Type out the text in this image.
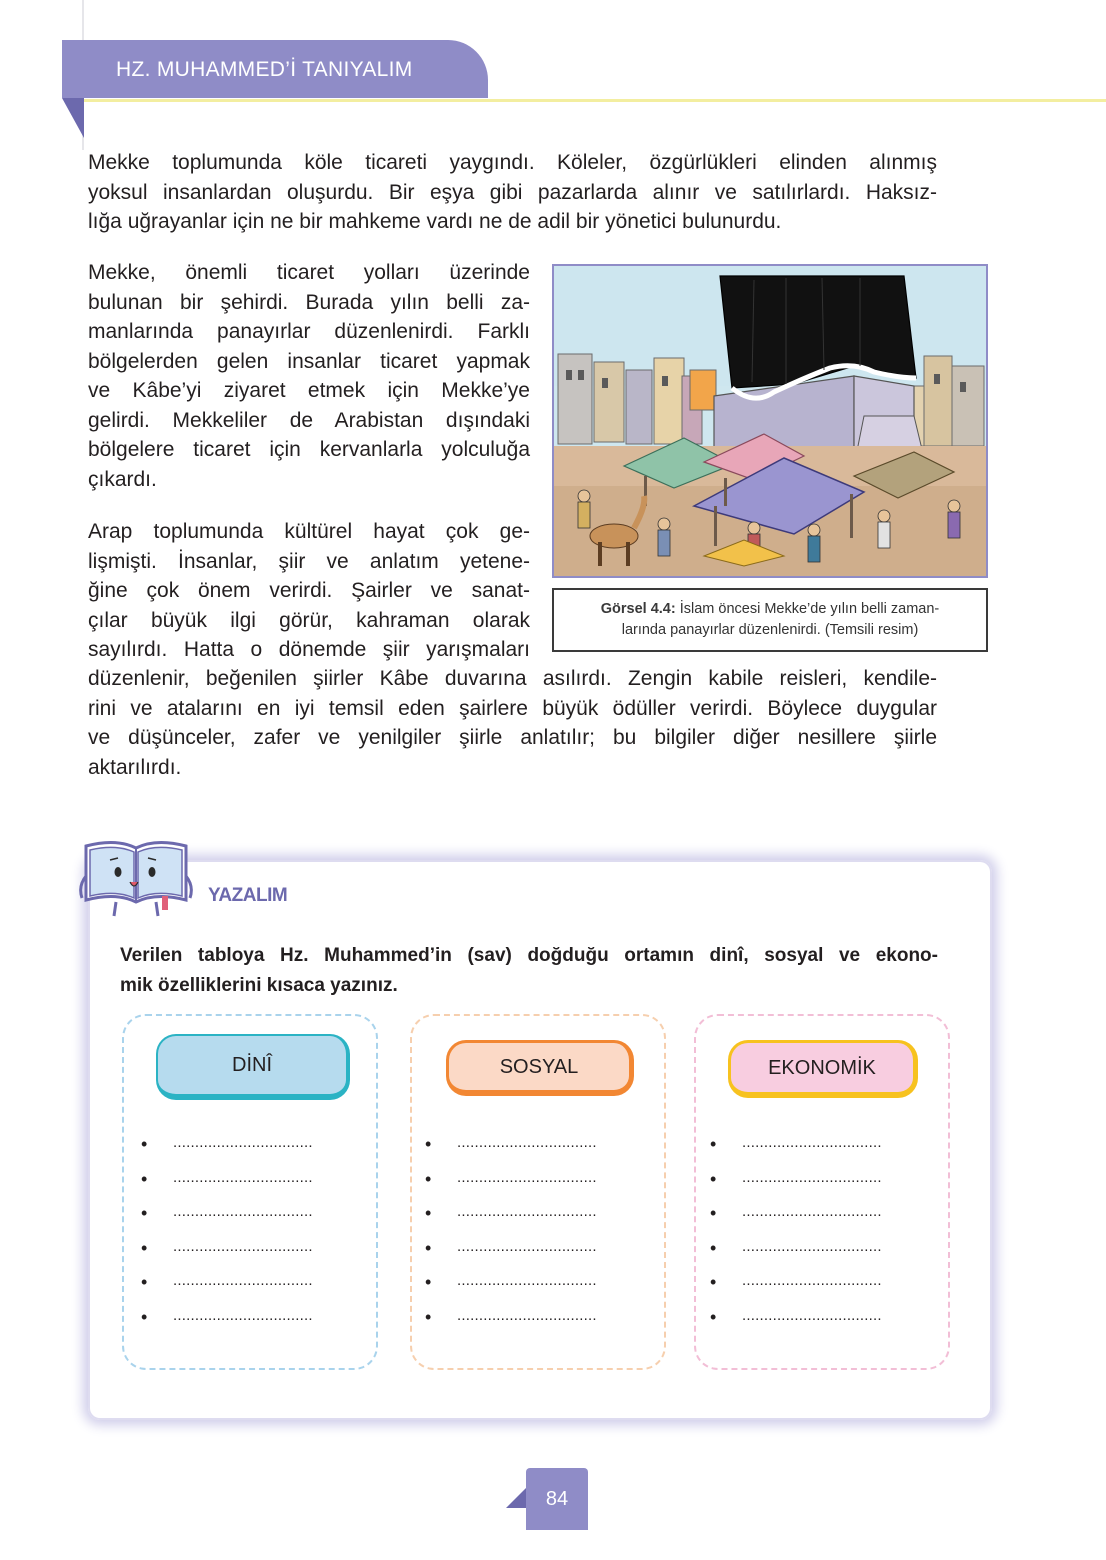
HZ. MUHAMMED’İ TANIYALIM
Mekke toplumunda köle ticareti yaygındı. Köleler, özgürlükleri elinden alınmış
yoksul insanlardan oluşurdu. Bir eşya gibi pazarlarda alınır ve satılırlardı. Haksız-
lığa uğrayanlar için ne bir mahkeme vardı ne de adil bir yönetici bulunurdu.
Mekke, önemli ticaret yolları üzerinde
bulunan bir şehirdi. Burada yılın belli za-
manlarında panayırlar düzenlenirdi. Farklı
bölgelerden gelen insanlar ticaret yapmak
ve Kâbe’yi ziyaret etmek için Mekke’ye
gelirdi. Mekkeliler de Arabistan dışındaki
bölgelere ticaret için kervanlarla yolculuğa
çıkardı.
Arap toplumunda kültürel hayat çok ge-
lişmişti. İnsanlar, şiir ve anlatım yetene-
ğine çok önem verirdi. Şairler ve sanat-
çılar büyük ilgi görür, kahraman olarak
sayılırdı. Hatta o dönemde şiir yarışmaları
düzenlenir, beğenilen şiirler Kâbe duvarına asılırdı. Zengin kabile reisleri, kendile-
rini ve atalarını en iyi temsil eden şairlere büyük ödüller verirdi. Böylece duygular
ve düşünceler, zafer ve yenilgiler şiirle anlatılır; bu bilgiler diğer nesillere şiirle
aktarılırdı.
Görsel 4.4: İslam öncesi Mekke’de yılın belli zaman-
larında panayırlar düzenlenirdi. (Temsili resim)
YAZALIM
Verilen tabloya Hz. Muhammed’in (sav) doğduğu ortamın dinî, sosyal ve ekono-
mik özelliklerini kısaca yazınız.
DİNÎ	SOSYAL	EKONOMİK
•	................................
•	................................
•	................................
•	................................
•	................................
•	................................
•	................................
•	................................
•	................................
•	................................
•	................................
•	................................
•	................................
•	................................
•	................................
•	................................
•	................................
•	................................
84
